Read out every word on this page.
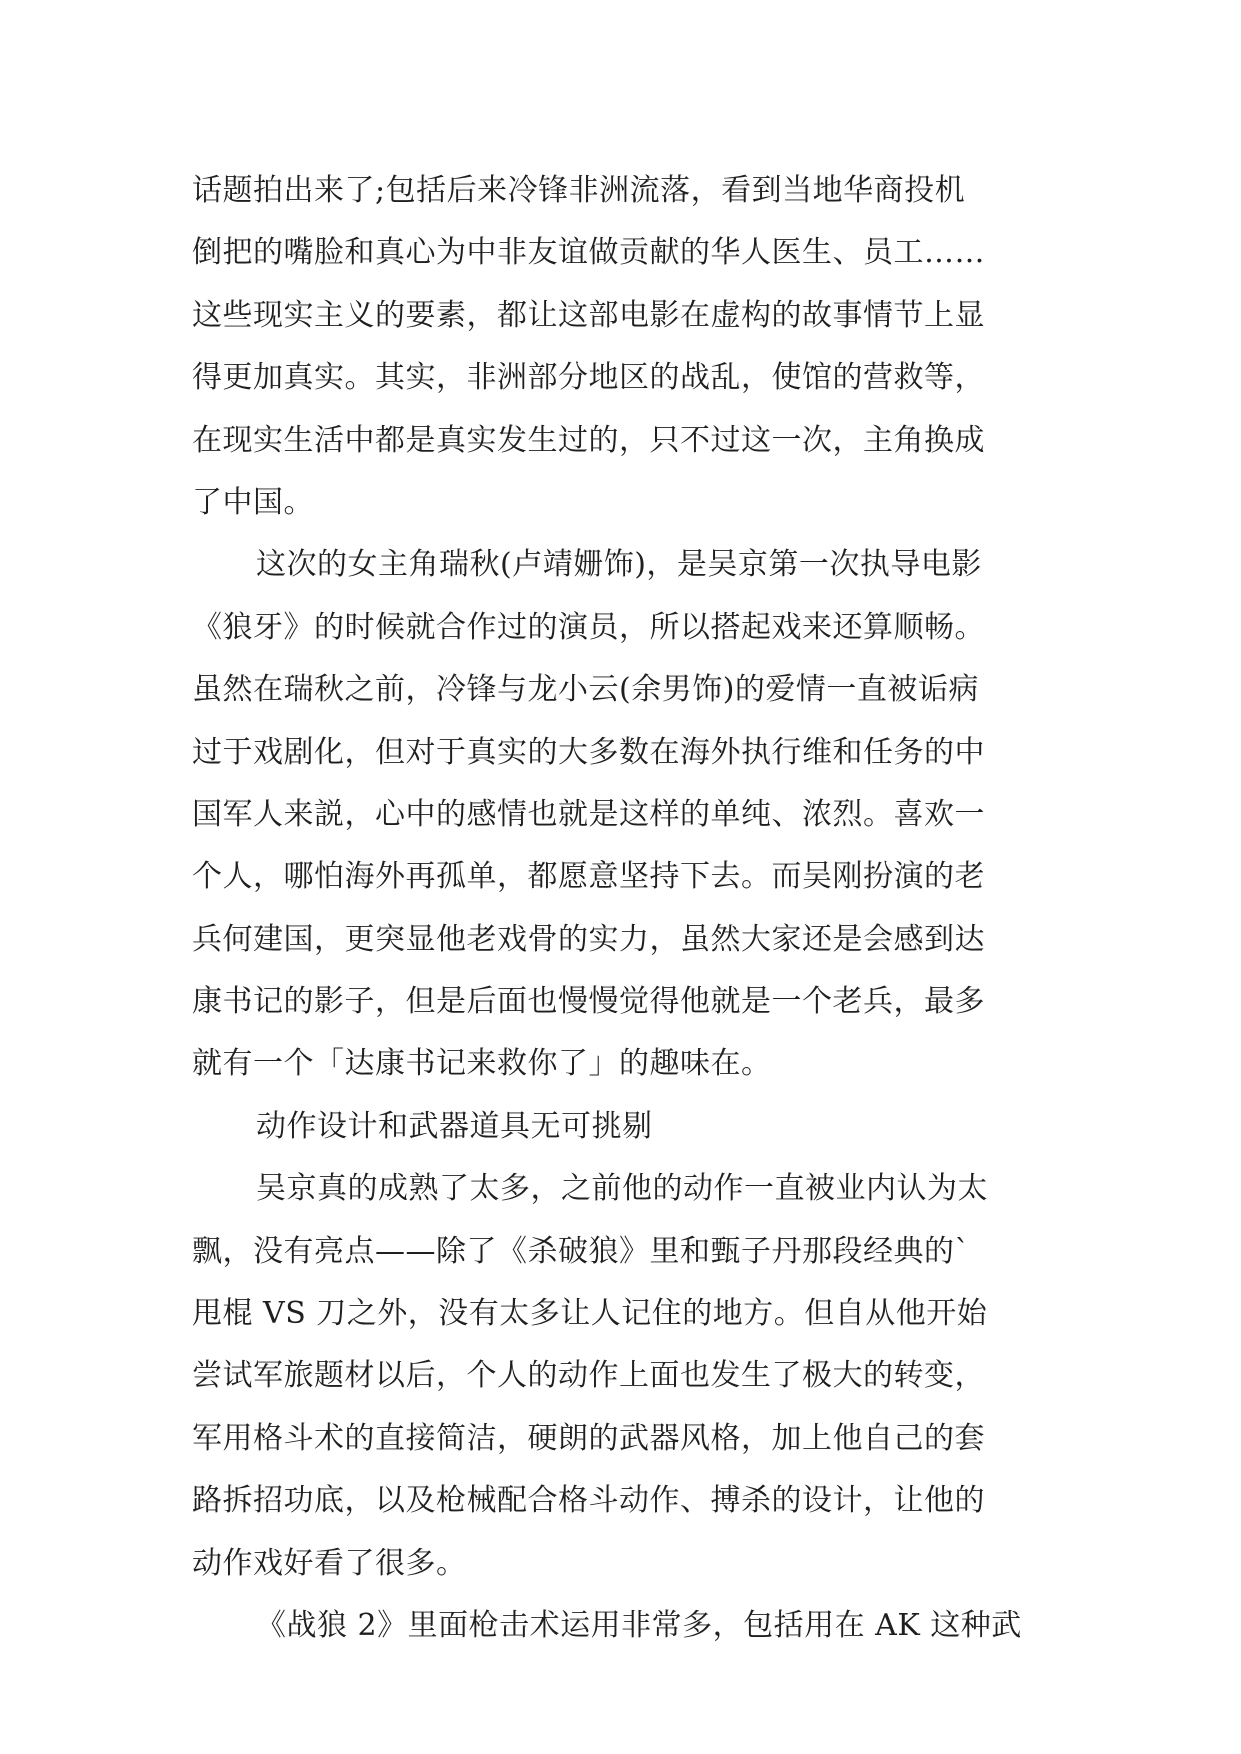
话题拍出来了;包括后来冷锋非洲流落，看到当地华商投机
倒把的嘴脸和真心为中非友谊做贡献的华人医生、员工……
这些现实主义的要素，都让这部电影在虚构的故事情节上显
得更加真实。其实，非洲部分地区的战乱，使馆的营救等，
在现实生活中都是真实发生过的，只不过这一次，主角换成
了中国。
这次的女主角瑞秋(卢靖姗饰)，是吴京第一次执导电影
《狼牙》的时候就合作过的演员，所以搭起戏来还算顺畅。
虽然在瑞秋之前，冷锋与龙小云(余男饰)的爱情一直被诟病
过于戏剧化，但对于真实的大多数在海外执行维和任务的中
国军人来説，心中的感情也就是这样的单纯、浓烈。喜欢一
个人，哪怕海外再孤单，都愿意坚持下去。而吴刚扮演的老
兵何建国，更突显他老戏骨的实力，虽然大家还是会感到达
康书记的影子，但是后面也慢慢觉得他就是一个老兵，最多
就有一个「达康书记来救你了」的趣味在。
动作设计和武器道具无可挑剔
吴京真的成熟了太多，之前他的动作一直被业内认为太
飘，没有亮点——除了《杀破狼》里和甄子丹那段经典的`
甩棍 VS 刀之外，没有太多让人记住的地方。但自从他开始
尝试军旅题材以后，个人的动作上面也发生了极大的转变，
军用格斗术的直接简洁，硬朗的武器风格，加上他自己的套
路拆招功底，以及枪械配合格斗动作、搏杀的设计，让他的
动作戏好看了很多。
《战狼 2》里面枪击术运用非常多，包括用在 AK 这种武
